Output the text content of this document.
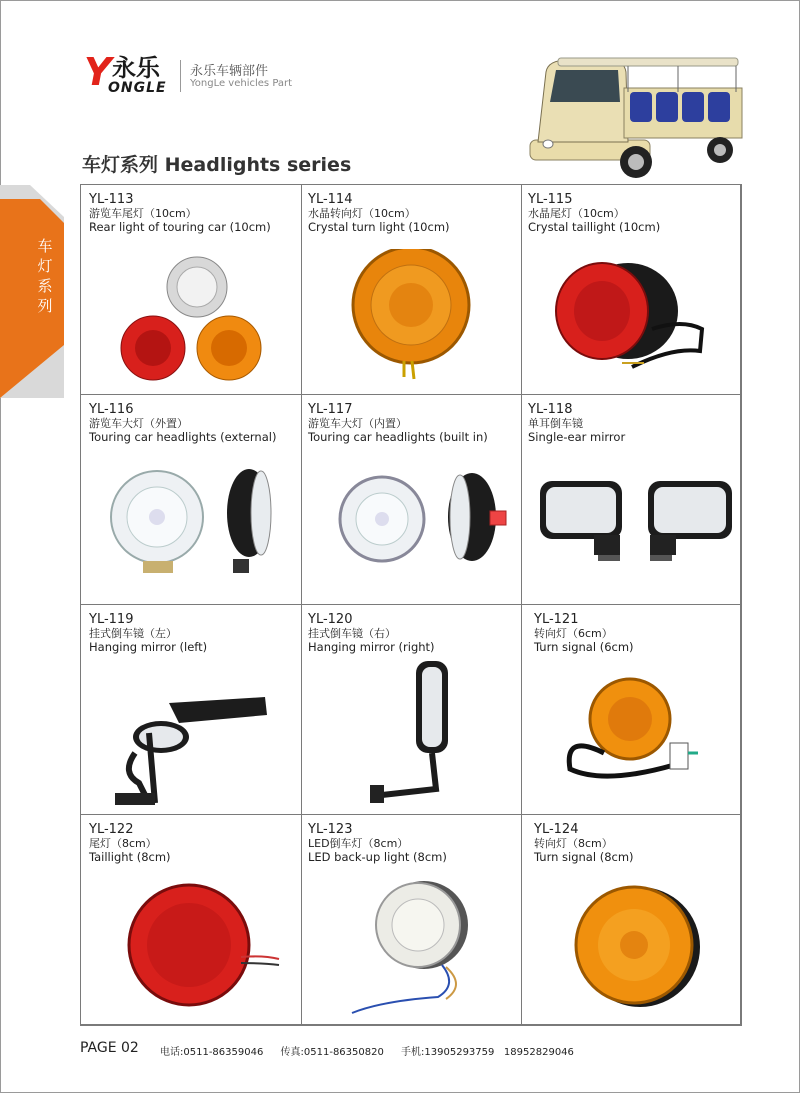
Y 永乐
ONGLE
永乐车辆部件
YongLe vehicles Part
车灯系列 Headlights series
车灯系列
YL-113
游览车尾灯（10cm）
Rear light of touring car (10cm)
YL-114
水晶转向灯（10cm）
Crystal turn light (10cm)
YL-115
水晶尾灯（10cm）
Crystal taillight (10cm)
YL-116
游览车大灯（外置）
Touring car headlights (external)
YL-117
游览车大灯（内置）
Touring car headlights (built in)
YL-118
单耳倒车镜
Single-ear mirror
YL-119
挂式倒车镜（左）
Hanging mirror (left)
YL-120
挂式倒车镜（右）
Hanging mirror (right)
YL-121
转向灯（6cm）
Turn signal (6cm)
YL-122
尾灯（8cm）
Taillight (8cm)
YL-123
LED倒车灯（8cm）
LED back-up light (8cm)
YL-124
转向灯（8cm）
Turn signal (8cm)
PAGE 02 电话:0511-86359046 传真:0511-86350820 手机:13905293759   18952829046
